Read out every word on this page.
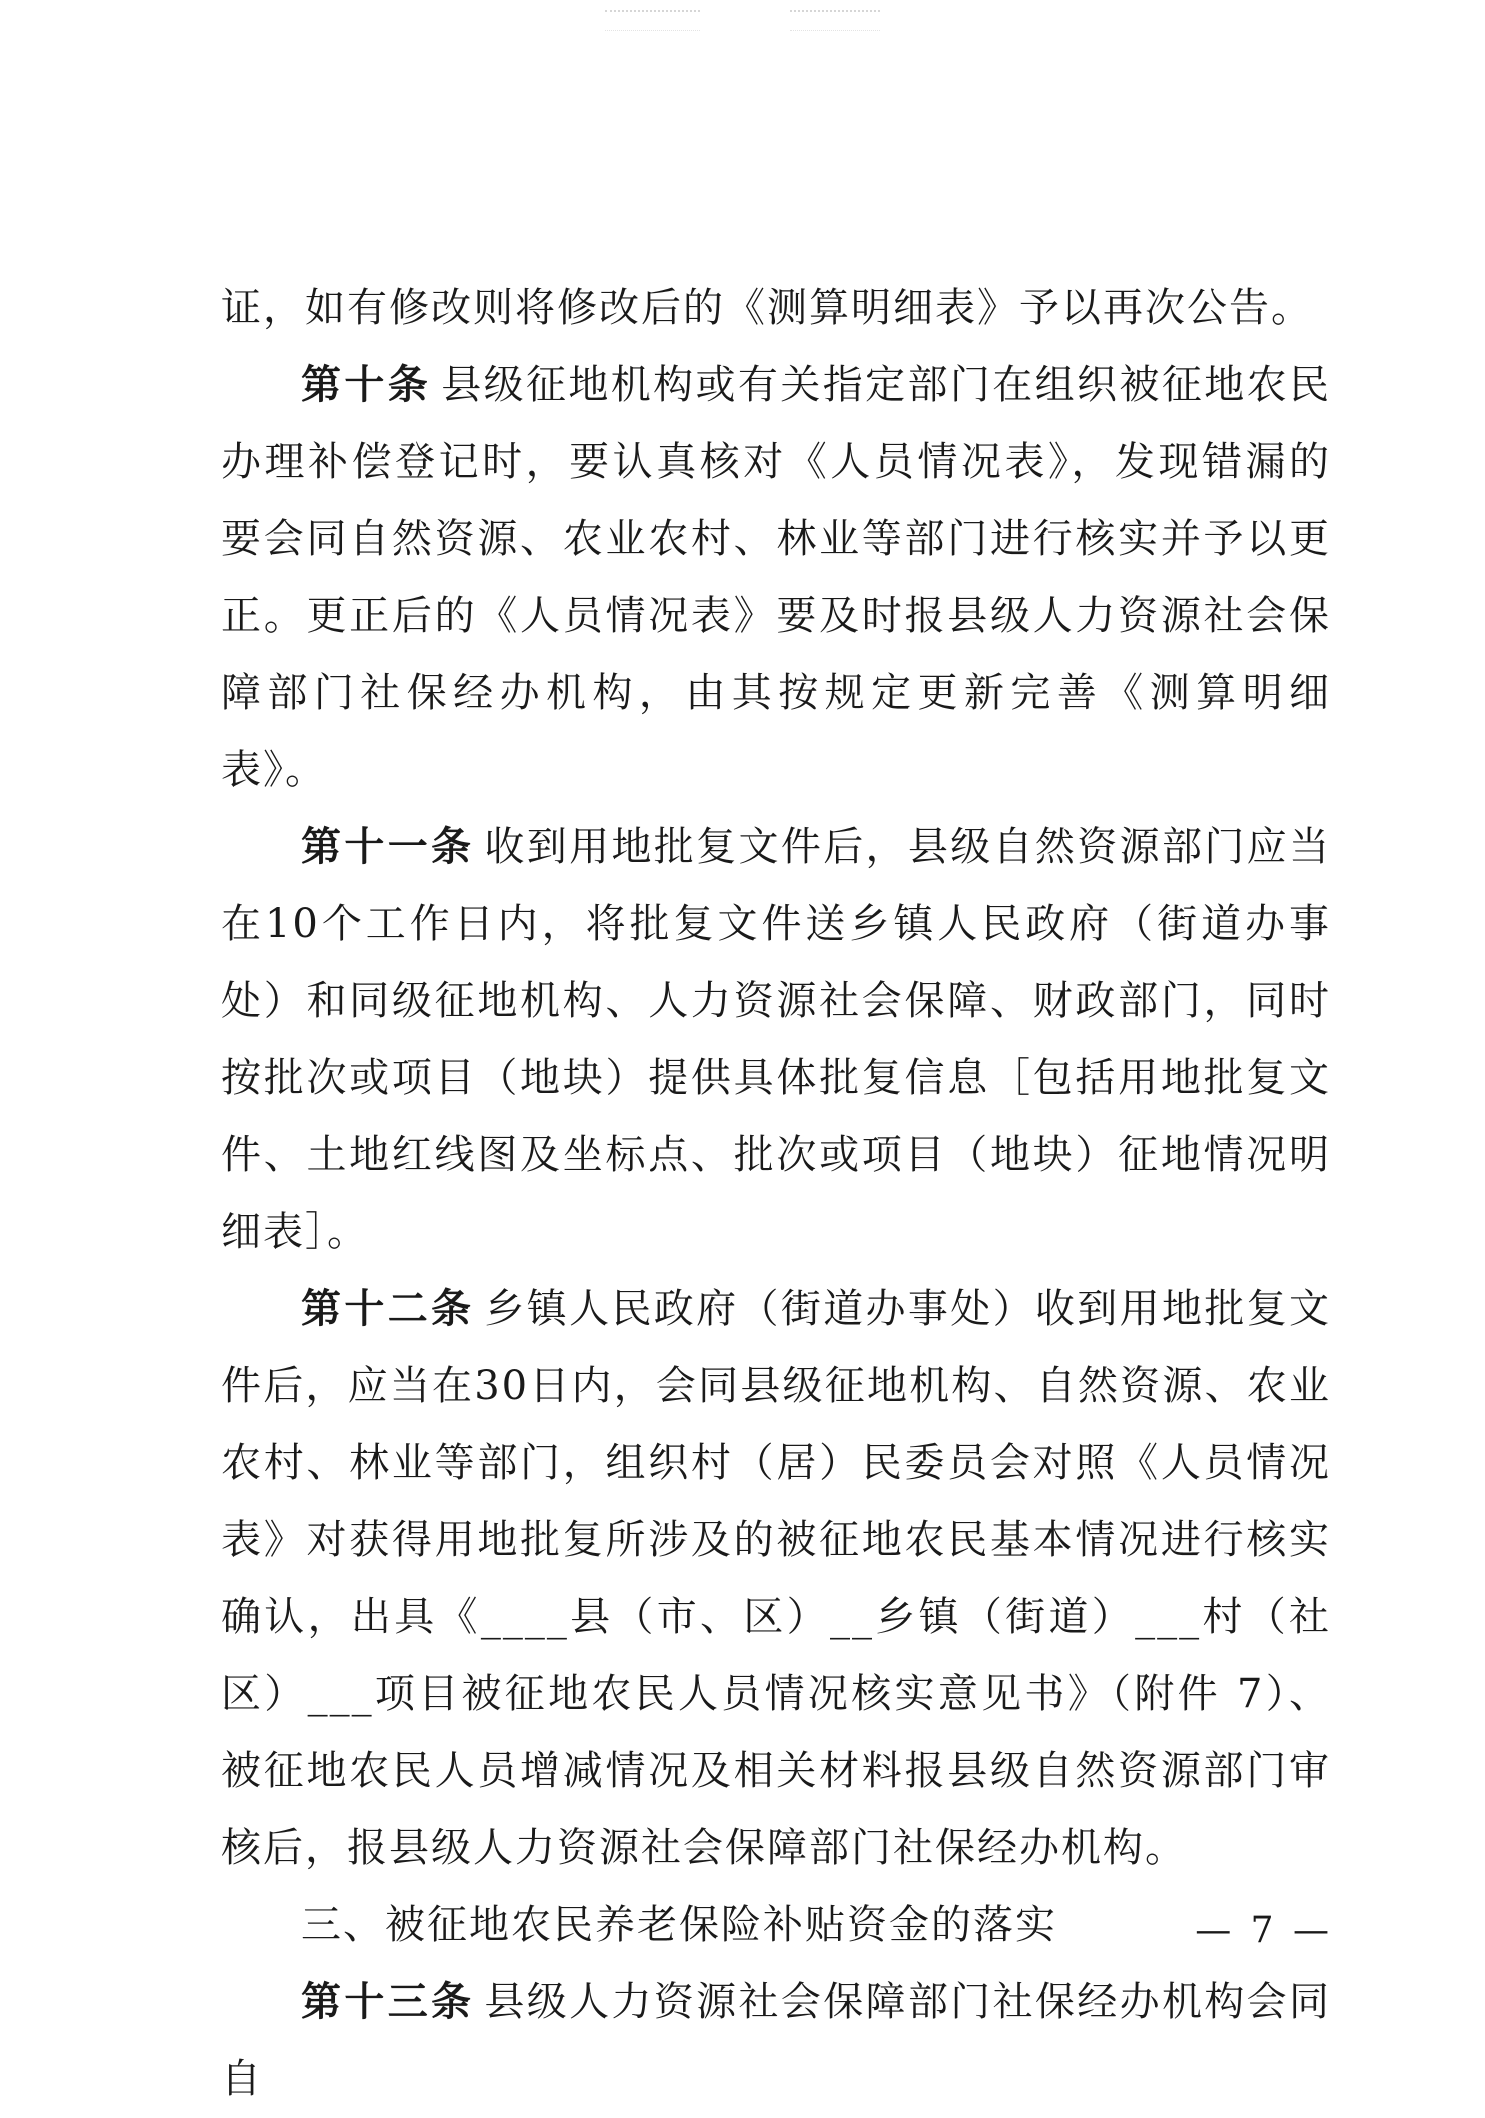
证，如有修改则将修改后的《测算明细表》予以再次公告。

第十条 县级征地机构或有关指定部门在组织被征地农民办理补偿登记时，要认真核对《人员情况表》，发现错漏的要会同自然资源、农业农村、林业等部门进行核实并予以更正。更正后的《人员情况表》要及时报县级人力资源社会保障部门社保经办机构，由其按规定更新完善《测算明细表》。

第十一条 收到用地批复文件后，县级自然资源部门应当在10个工作日内，将批复文件送乡镇人民政府（街道办事处）和同级征地机构、人力资源社会保障、财政部门，同时按批次或项目（地块）提供具体批复信息［包括用地批复文件、土地红线图及坐标点、批次或项目（地块）征地情况明细表］。

第十二条 乡镇人民政府（街道办事处）收到用地批复文件后，应当在30日内，会同县级征地机构、自然资源、农业农村、林业等部门，组织村（居）民委员会对照《人员情况表》对获得用地批复所涉及的被征地农民基本情况进行核实确认，出具《____县（市、区）__乡镇（街道）___村（社区）___项目被征地农民人员情况核实意见书》（附件 7）、被征地农民人员增减情况及相关材料报县级自然资源部门审核后，报县级人力资源社会保障部门社保经办机构。

三、被征地农民养老保险补贴资金的落实

第十三条 县级人力资源社会保障部门社保经办机构会同自

— 7 —
